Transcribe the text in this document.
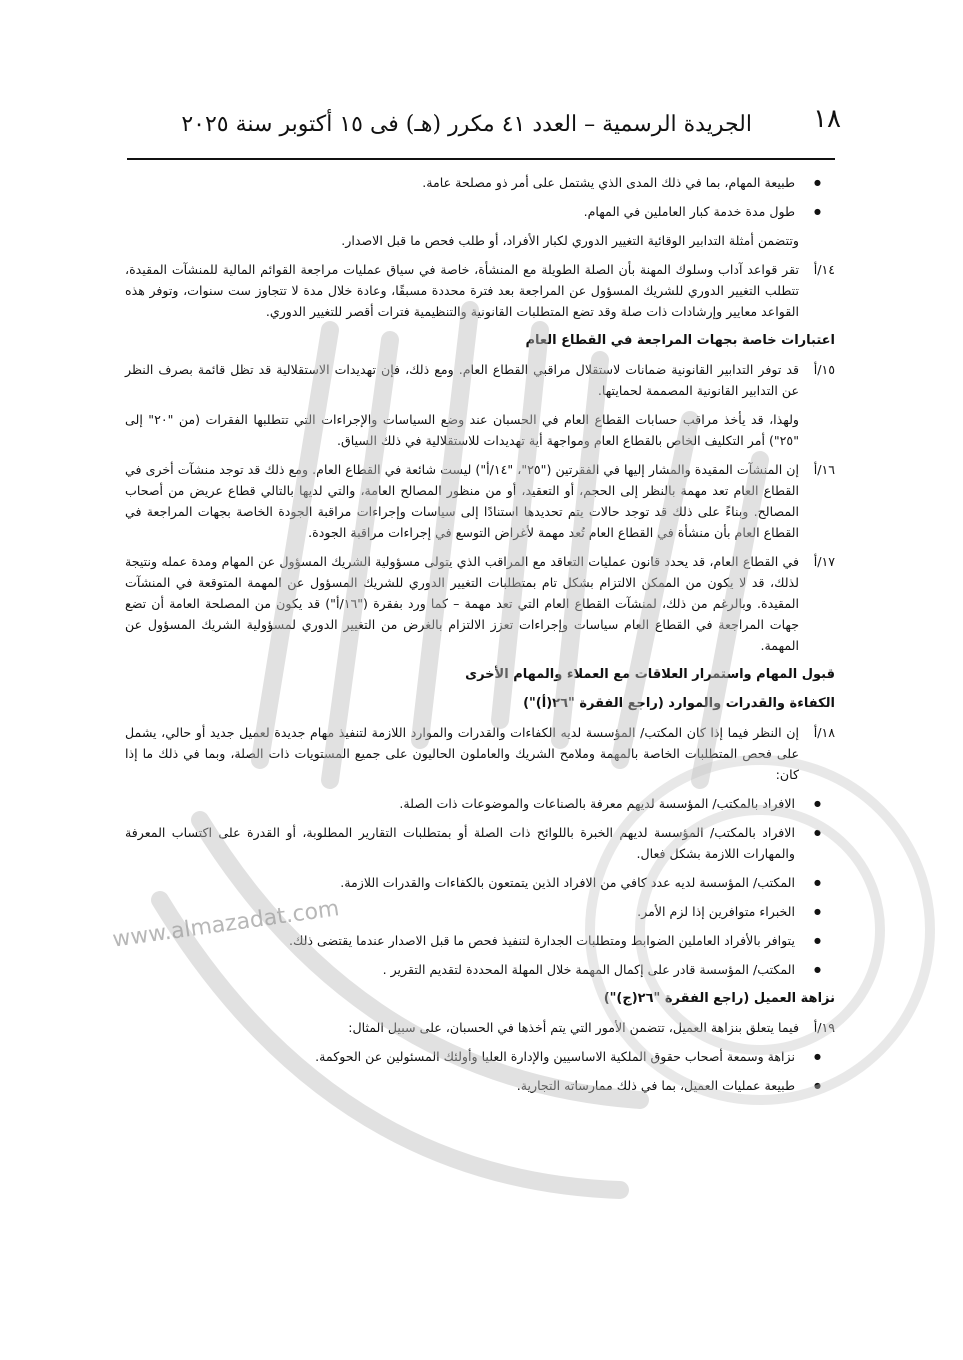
١٨
الجريدة الرسمية – العدد ٤١ مكرر (هـ) فى ١٥ أكتوبر سنة ٢٠٢٥
● طبيعة المهام، بما في ذلك المدى الذي يشتمل على أمر ذو مصلحة عامة.
● طول مدة خدمة كبار العاملين في المهام.

وتتضمن أمثلة التدابير الوقائية التغيير الدوري لكبار الأفراد، أو طلب فحص ما قبل الاصدار.

١٤/أ
تقر قواعد آداب وسلوك المهنة بأن الصلة الطويلة مع المنشأة، خاصة في سياق عمليات مراجعة القوائم المالية للمنشآت المقيدة، تتطلب التغيير الدوري للشريك المسؤول عن المراجعة بعد فترة محددة مسبقًا، وعادة خلال مدة لا تتجاوز ست سنوات، وتوفر هذه القواعد معايير وإرشادات ذات صلة وقد تضع المتطلبات القانونية والتنظيمية فترات أقصر للتغيير الدوري.

اعتبارات خاصة بجهات المراجعة في القطاع العام

١٥/أ
قد توفر التدابير القانونية ضمانات لاستقلال مراقبي القطاع العام. ومع ذلك، فإن تهديدات الاستقلالية قد تظل قائمة بصرف النظر عن التدابير القانونية المصممة لحمايتها.

ولهذا، قد يأخذ مراقب حسابات القطاع العام في الحسبان عند وضع السياسات والإجراءات التي تتطلبها الفقرات (من "٢٠" إلى "٢٥") أمر التكليف الخاص بالقطاع العام ومواجهة أية تهديدات للاستقلالية في ذلك السياق.

١٦/أ
إن المنشآت المقيدة والمشار إليها في الفقرتين ("٢٥"، "١٤/أ") ليست شائعة في القطاع العام. ومع ذلك قد توجد منشآت أخرى في القطاع العام تعد مهمة بالنظر إلى الحجم، أو التعقيد، أو من منظور المصالح العامة، والتي لديها بالتالي قطاع عريض من أصحاب المصالح. وبناءً على ذلك قد توجد حالات يتم تحديدها استنادًا إلى سياسات وإجراءات مراقبة الجودة الخاصة بجهات المراجعة في القطاع العام بأن منشأة في القطاع العام تُعد مهمة لأغراض التوسع في إجراءات مراقبة الجودة.

١٧/أ
في القطاع العام، قد يحدد قانون عمليات التعاقد مع المراقب الذي يتولى مسؤولية الشريك المسؤول عن المهام ومدة عمله ونتيجة لذلك، قد لا يكون من الممكن الالتزام بشكل تام بمتطلبات التغيير الدوري للشريك المسؤول عن المهمة المتوقعة في المنشآت المقيدة. وبالرغم من ذلك، لمنشآت القطاع العام التي تعد مهمة – كما ورد بفقرة ("١٦/أ") قد يكون من المصلحة العامة أن تضع جهات المراجعة في القطاع العام سياسات وإجراءات تعزز الالتزام بالغرض من التغيير الدوري لمسؤولية الشريك المسؤول عن المهمة.

قبول المهام واستمرار العلاقات مع العملاء والمهام الأخرى

الكفاءة والقدرات والموارد (راجع الفقرة "٢٦(أ)")

١٨/أ
إن النظر فيما إذا كان المكتب/ المؤسسة لديه الكفاءات والقدرات والموارد اللازمة لتنفيذ مهام جديدة لعميل جديد أو حالي، يشمل على فحص المتطلبات الخاصة بالمهمة وملامح الشريك والعاملون الحاليون على جميع المستويات ذات الصلة، وبما في ذلك ما إذا كان:

● الافراد بالمكتب/ المؤسسة لديهم معرفة بالصناعات والموضوعات ذات الصلة.
● الافراد بالمكتب/ المؤسسة لديهم الخبرة باللوائح ذات الصلة أو بمتطلبات التقارير المطلوبة، أو القدرة على اكتساب المعرفة والمهارات اللازمة بشكل فعال.
● المكتب/ المؤسسة لديه عدد كافي من الافراد الذين يتمتعون بالكفاءات والقدرات اللازمة.
● الخبراء متوافرين إذا لزم الأمر.
● يتوافر بالأفراد العاملين الضوابط ومتطلبات الجدارة لتنفيذ فحص ما قبل الاصدار عندما يقتضى ذلك.
● المكتب/ المؤسسة قادر على إكمال المهمة خلال المهلة المحددة لتقديم التقرير .

نزاهة العميل (راجع الفقرة "٢٦(ج)")

١٩/أ
فيما يتعلق بنزاهة العميل، تتضمن الأمور التي يتم أخذها في الحسبان، على سبيل المثال:

● نزاهة وسمعة أصحاب حقوق الملكية الاساسيين والإدارة العليا وأولئك المسئولين عن الحوكمة.
● طبيعة عمليات العميل، بما في ذلك ممارساته التجارية.
www.almazadat.com
